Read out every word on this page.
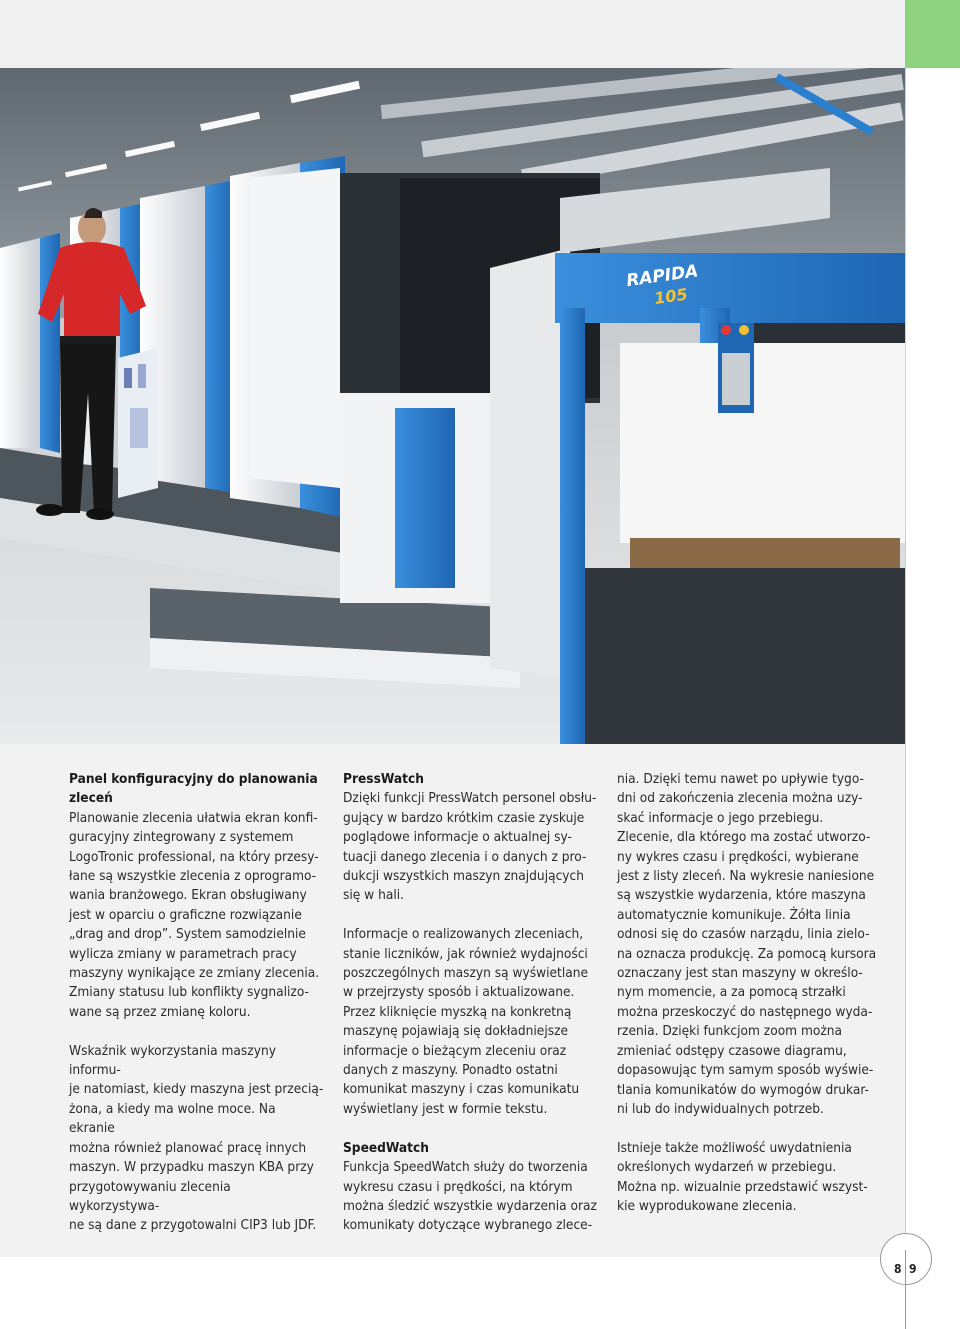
RAPIDA
105
Panel konfiguracyjny do planowania
zleceń

Planowanie zlecenia ułatwia ekran konfi-
guracyjny zintegrowany z systemem
LogoTronic professional, na który przesy-
łane są wszystkie zlecenia z oprogramo-
wania branżowego. Ekran obsługiwany
jest w oparciu o graficzne rozwiązanie
„drag and drop”. System samodzielnie
wylicza zmiany w parametrach pracy
maszyny wynikające ze zmiany zlecenia.
Zmiany statusu lub konflikty sygnalizo-
wane są przez zmianę koloru.

Wskaźnik wykorzystania maszyny informu-
je natomiast, kiedy maszyna jest przecią-
żona, a kiedy ma wolne moce. Na ekranie
można również planować pracę innych
maszyn. W przypadku maszyn KBA przy
przygotowywaniu zlecenia wykorzystywa-
ne są dane z przygotowalni CIP3 lub JDF.

PressWatch

Dzięki funkcji PressWatch personel obsłu-
gujący w bardzo krótkim czasie zyskuje
poglądowe informacje o aktualnej sy-
tuacji danego zlecenia i o danych z pro-
dukcji wszystkich maszyn znajdujących
się w hali.

Informacje o realizowanych zleceniach,
stanie liczników, jak również wydajności
poszczególnych maszyn są wyświetlane
w przejrzysty sposób i aktualizowane.
Przez kliknięcie myszką na konkretną
maszynę pojawiają się dokładniejsze
informacje o bieżącym zleceniu oraz
danych z maszyny. Ponadto ostatni
komunikat maszyny i czas komunikatu
wyświetlany jest w formie tekstu.

SpeedWatch

Funkcja SpeedWatch służy do tworzenia
wykresu czasu i prędkości, na którym
można śledzić wszystkie wydarzenia oraz
komunikaty dotyczące wybranego zlece-

nia. Dzięki temu nawet po upływie tygo-
dni od zakończenia zlecenia można uzy-
skać informacje o jego przebiegu.
Zlecenie, dla którego ma zostać utworzo-
ny wykres czasu i prędkości, wybierane
jest z listy zleceń. Na wykresie naniesione
są wszystkie wydarzenia, które maszyna
automatycznie komunikuje. Żółta linia
odnosi się do czasów narządu, linia zielo-
na oznacza produkcję. Za pomocą kursora
oznaczany jest stan maszyny w określo-
nym momencie, a za pomocą strzałki
można przeskoczyć do następnego wyda-
rzenia. Dzięki funkcjom zoom można
zmieniać odstępy czasowe diagramu,
dopasowując tym samym sposób wyświe-
tlania komunikatów do wymogów drukar-
ni lub do indywidualnych potrzeb.

Istnieje także możliwość uwydatnienia
określonych wydarzeń w przebiegu.
Można np. wizualnie przedstawić wszyst-
kie wyprodukowane zlecenia.

8 9
